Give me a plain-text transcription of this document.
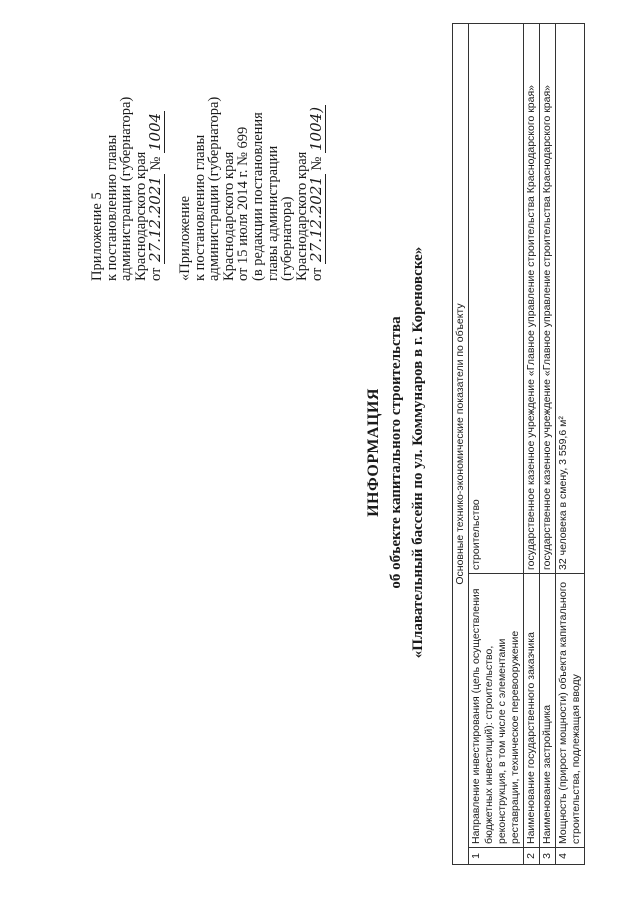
Приложение 5
к постановлению главы
администрации (губернатора)
Краснодарского края от 27.12.2021 № 1004
«Приложение
к постановлению главы
администрации (губернатора)
Краснодарского края
от 15 июля 2014 г. № 699
(в редакции постановления
главы администрации
(губернатора)
Краснодарского края от 27.12.2021 № 1004)
ИНФОРМАЦИЯ об объекте капитального строительства «Плавательный бассейн по ул. Коммунаров в г. Кореновске»	Основные технико-экономические показатели по объекту		
1	Направление инвестирования (цель осуществления бюджетных инвестиций): строительство, реконструкция, в том числе с элементами реставрации, техническое перевооружение	строительство
2	Наименование государственного заказчика	государственное казенное учреждение «Главное управление строительства Краснодарского края»
3	Наименование застройщика	государственное казенное учреждение «Главное управление строительства Краснодарского края»
4	Мощность (прирост мощности) объекта капитального строительства, подлежащая вводу	32 человека в смену, 3 559,6 м²
